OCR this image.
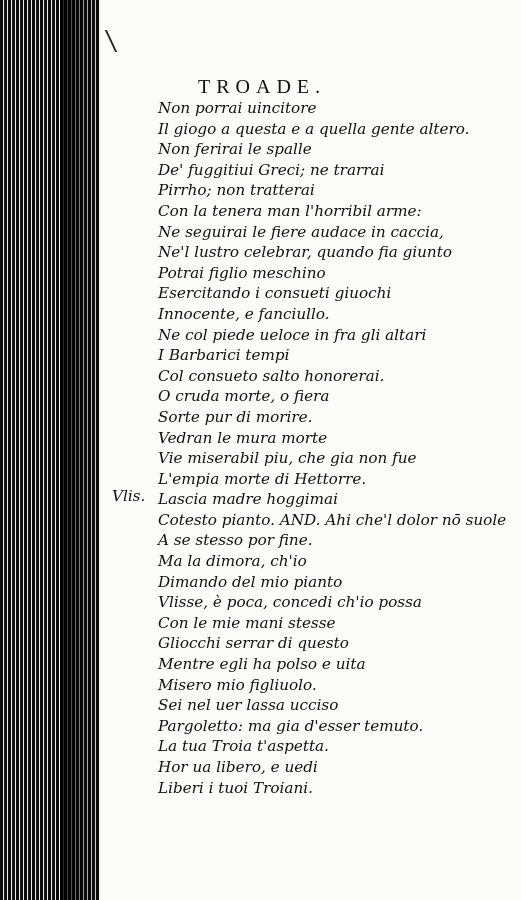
TROADE.
Vlis.
Non porrai uincitore
Il giogo a questa e a quella gente altero.
Non ferirai le spalle
De' fuggitiui Greci; ne trarrai
Pirrho; non tratterai
Con la tenera man l'horribil arme:
Ne seguirai le fiere audace in caccia,
Ne'l lustro celebrar, quando fia giunto
Potrai figlio meschino
Esercitando i consueti giuochi
Innocente, e fanciullo.
Ne col piede ueloce in fra gli altari
I Barbarici tempi
Col consueto salto honorerai.
O cruda morte, o fiera
Sorte pur di morire.
Vedran le mura morte
Vie miserabil piu, che gia non fue
L'empia morte di Hettorre.
Lascia madre hoggimai
Cotesto pianto. AND. Ahi che'l dolor nō suole
A se stesso por fine.
Ma la dimora, ch'io
Dimando del mio pianto
Vlisse, è poca, concedi ch'io possa
Con le mie mani stesse
Gliocchi serrar di questo
Mentre egli ha polso e uita
Misero mio figliuolo.
Sei nel uer lassa ucciso
Pargoletto: ma gia d'esser temuto.
La tua Troia t'aspetta.
Hor ua libero, e uedi
Liberi i tuoi Troiani.
